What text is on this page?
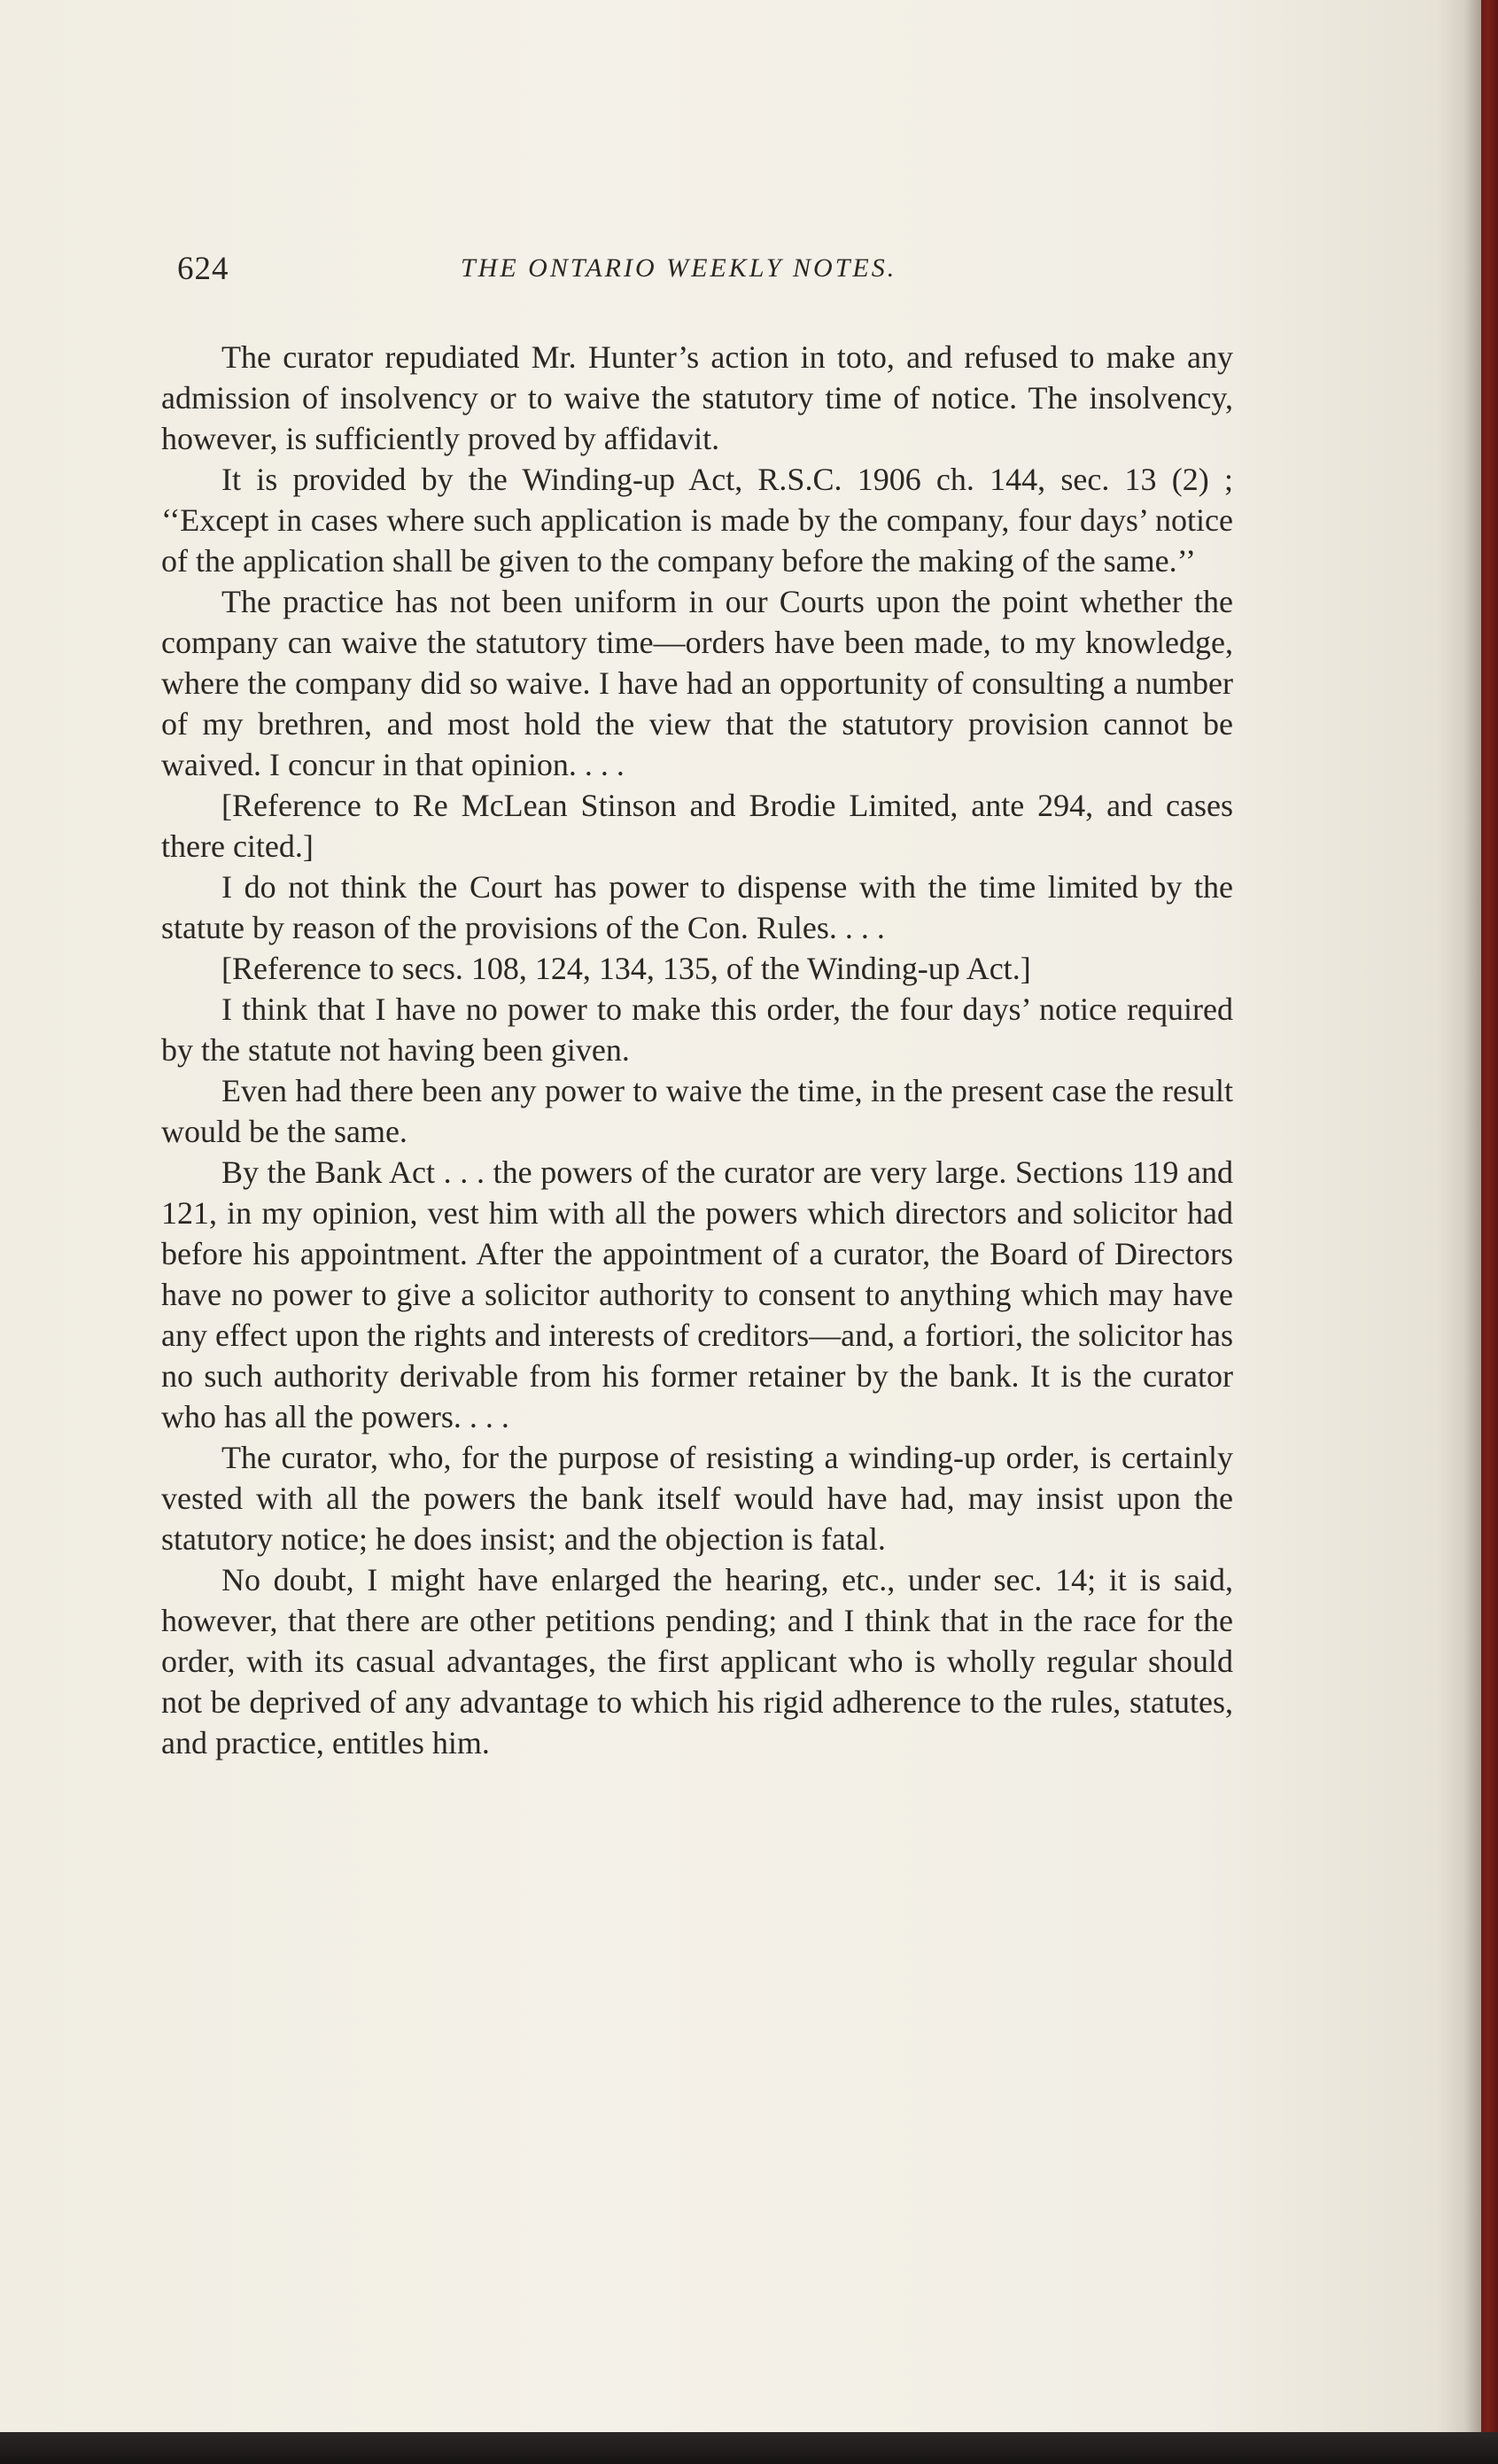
624	THE ONTARIO WEEKLY NOTES.

The curator repudiated Mr. Hunter’s action in toto, and refused to make any admission of insolvency or to waive the statutory time of notice. The insolvency, however, is sufficiently proved by affidavit.

It is provided by the Winding-up Act, R.S.C. 1906 ch. 144, sec. 13 (2) ; ‘‘Except in cases where such application is made by the company, four days’ notice of the application shall be given to the company before the making of the same.’’

The practice has not been uniform in our Courts upon the point whether the company can waive the statutory time—orders have been made, to my knowledge, where the company did so waive. I have had an opportunity of consulting a number of my brethren, and most hold the view that the statutory provision cannot be waived. I concur in that opinion. . . .

[Reference to Re McLean Stinson and Brodie Limited, ante 294, and cases there cited.]

I do not think the Court has power to dispense with the time limited by the statute by reason of the provisions of the Con. Rules. . . .

[Reference to secs. 108, 124, 134, 135, of the Winding-up Act.]

I think that I have no power to make this order, the four days’ notice required by the statute not having been given.

Even had there been any power to waive the time, in the present case the result would be the same.

By the Bank Act . . . the powers of the curator are very large. Sections 119 and 121, in my opinion, vest him with all the powers which directors and solicitor had before his appointment. After the appointment of a curator, the Board of Directors have no power to give a solicitor authority to consent to anything which may have any effect upon the rights and interests of creditors—and, a fortiori, the solicitor has no such authority derivable from his former retainer by the bank. It is the curator who has all the powers. . . .

The curator, who, for the purpose of resisting a winding-up order, is certainly vested with all the powers the bank itself would have had, may insist upon the statutory notice; he does insist; and the objection is fatal.

No doubt, I might have enlarged the hearing, etc., under sec. 14; it is said, however, that there are other petitions pending; and I think that in the race for the order, with its casual advantages, the first applicant who is wholly regular should not be deprived of any advantage to which his rigid adherence to the rules, statutes, and practice, entitles him.
